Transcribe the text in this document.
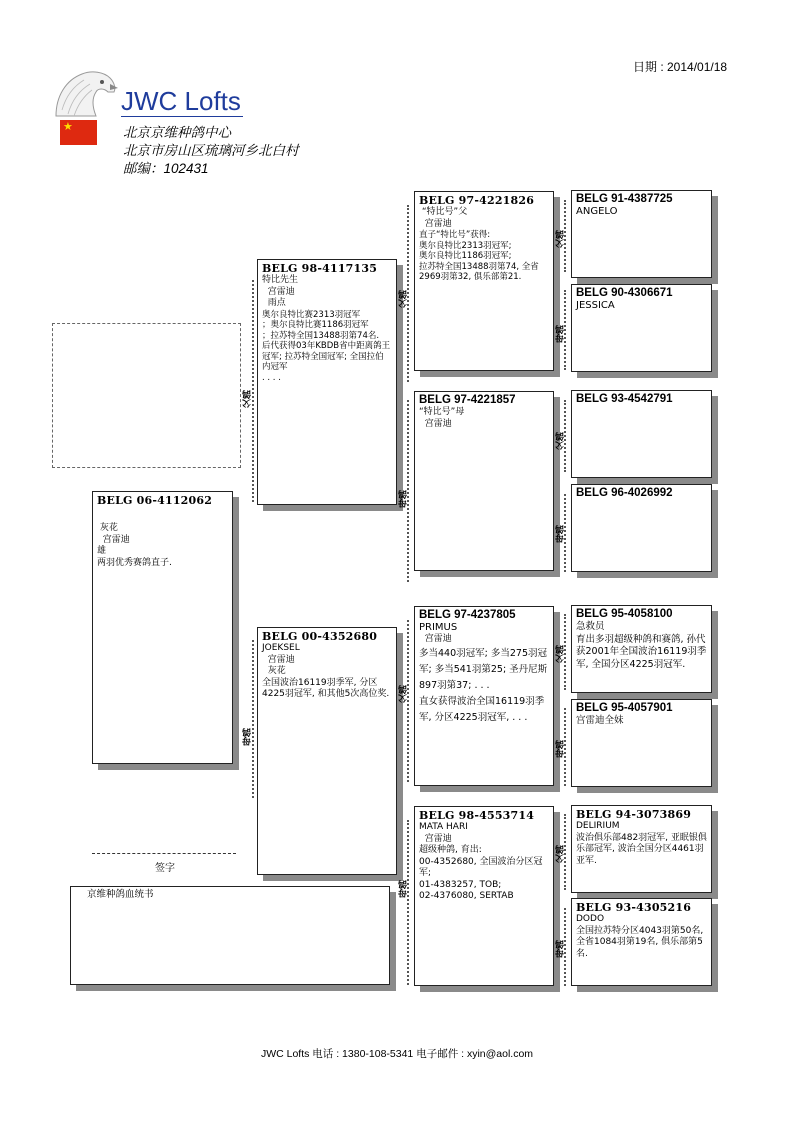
日期 : 2014/01/18
JWC Lofts
★	北京京维种鸽中心
北京市房山区琉璃河乡北白村
邮编：102431
BELG 06-4112062
灰花
宫雷迪
雄
两羽优秀赛鸽直子.
父鸽
母鸽
BELG 98-4117135
特比先生
宫雷迪
雨点
奥尔良特比赛2313羽冠军
；奥尔良特比赛1186羽冠军
；拉苏特全国13488羽第74名.
后代获得03年KBDB省中距离鸽王冠军; 拉苏特全国冠军; 全国拉伯内冠军
. . . .
BELG 00-4352680
JOEKSEL
宫雷迪
灰花
全国波治16119羽季军, 分区4225羽冠军, 和其他5次高位奖.
父鸽
母鸽
父鸽
母鸽
BELG 97-4221826
“特比号”父
宫雷迪
直子“特比号”获得:
奥尔良特比2313羽冠军;
奥尔良特比1186羽冠军;
拉苏特全国13488羽第74, 全省2969羽第32, 俱乐部第21.
BELG 97-4221857
“特比号”母
宫雷迪
BELG 97-4237805
PRIMUS
宫雷迪
多当440羽冠军; 多当275羽冠军; 多当541羽第25; 圣丹尼斯897羽第37; . . .
直女获得波治全国16119羽季军, 分区4225羽冠军, . . .
BELG 98-4553714
MATA HARI
宫雷迪
超级种鸽, 育出:
00-4352680, 全国波治分区冠军;
01-4383257, TOB;
02-4376080, SERTAB
父鸽
母鸽
父鸽
母鸽
父鸽
母鸽
父鸽
母鸽
BELG 91-4387725
ANGELO
BELG 90-4306671
JESSICA
BELG 93-4542791
BELG 96-4026992
BELG 95-4058100
急救员
育出多羽超级种鸽和赛鸽, 孙代获2001年全国波治16119羽季军, 全国分区4225羽冠军.
BELG 95-4057901
宫雷迪全妹
BELG 94-3073869
DELIRIUM
波治俱乐部482羽冠军, 亚眠银俱乐部冠军, 波治全国分区4461羽亚军.
BELG 93-4305216
DODO
全国拉苏特分区4043羽第50名, 全省1084羽第19名, 俱乐部第5名.
签字
京维种鸽血统书
JWC Lofts 电话 : 1380-108-5341 电子邮件 : xyin@aol.com
